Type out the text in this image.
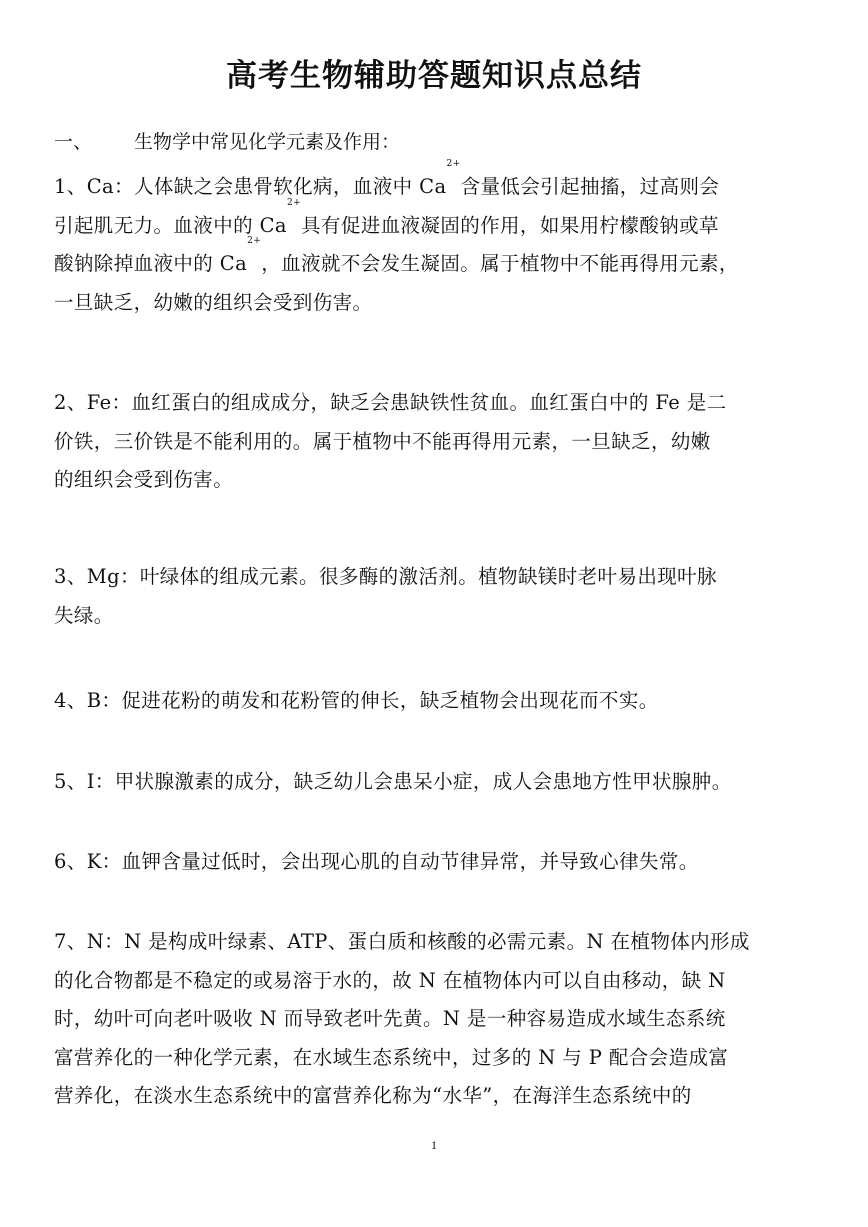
高考生物辅助答题知识点总结
一、 生物学中常见化学元素及作用：
1、Ca：人体缺之会患骨软化病，血液中 $Ca^{2+}$含量低会引起抽搐，过高则会
引起肌无力。血液中的 $Ca^{2+}$具有促进血液凝固的作用，如果用柠檬酸钠或草
酸钠除掉血液中的 $Ca^{2+}$，血液就不会发生凝固。属于植物中不能再得用元素，
一旦缺乏，幼嫩的组织会受到伤害。
2、Fe：血红蛋白的组成成分，缺乏会患缺铁性贫血。血红蛋白中的 Fe 是二
价铁，三价铁是不能利用的。属于植物中不能再得用元素，一旦缺乏，幼嫩
的组织会受到伤害。
3、Mg：叶绿体的组成元素。很多酶的激活剂。植物缺镁时老叶易出现叶脉
失绿。
4、B：促进花粉的萌发和花粉管的伸长，缺乏植物会出现花而不实。
5、I：甲状腺激素的成分，缺乏幼儿会患呆小症，成人会患地方性甲状腺肿。
6、K：血钾含量过低时，会出现心肌的自动节律异常，并导致心律失常。
7、N：N 是构成叶绿素、ATP、蛋白质和核酸的必需元素。N 在植物体内形成
的化合物都是不稳定的或易溶于水的，故 N 在植物体内可以自由移动，缺 N
时，幼叶可向老叶吸收 N 而导致老叶先黄。N 是一种容易造成水域生态系统
富营养化的一种化学元素，在水域生态系统中，过多的 N 与 P 配合会造成富
营养化，在淡水生态系统中的富营养化称为“水华”，在海洋生态系统中的
1
